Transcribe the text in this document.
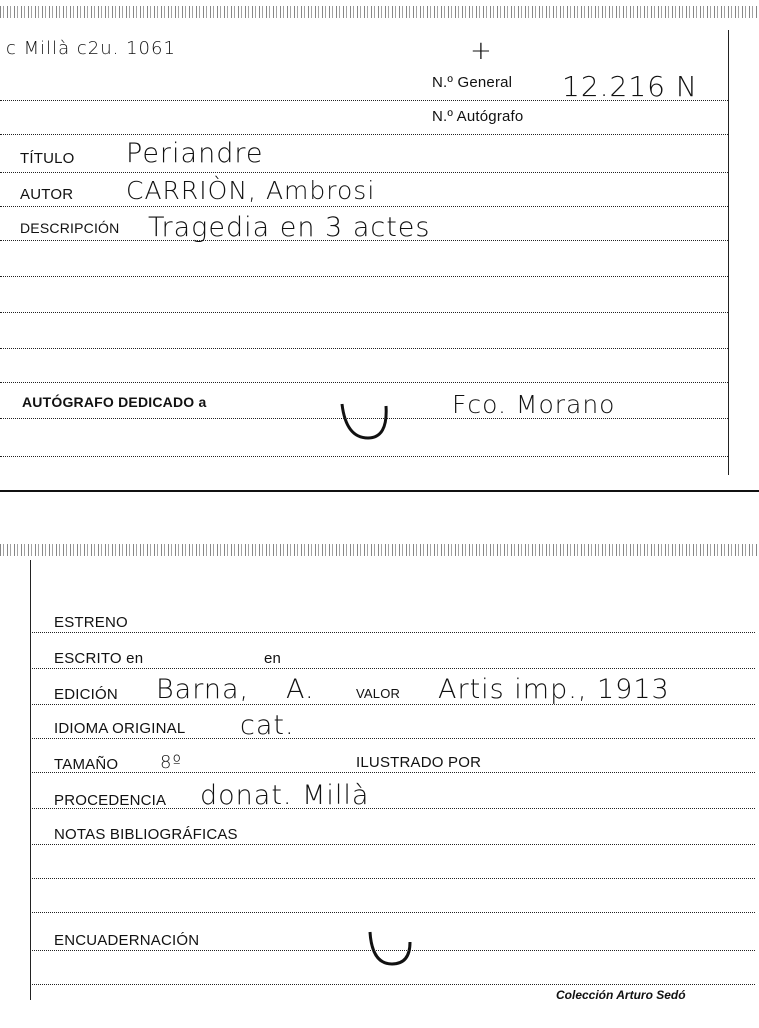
c Millà c2u. 1061	+
N.º General 12.216 N
N.º Autógrafo
TÍTULO Periandre
AUTOR CARRIÒN, Ambrosi
DESCRIPCIÓN Tragedia en 3 actes
AUTÓGRAFO DEDICADO a	Fco. Morano
ESTRENO
ESCRITO en	en
EDICIÓN Barna, A.	VALOR Artis imp., 1913
IDIOMA ORIGINAL cat.
TAMAÑO 8º	ILUSTRADO POR
PROCEDENCIA donat. Millà
NOTAS BIBLIOGRÁFICAS
ENCUADERNACIÓN
Colección Arturo Sedó
